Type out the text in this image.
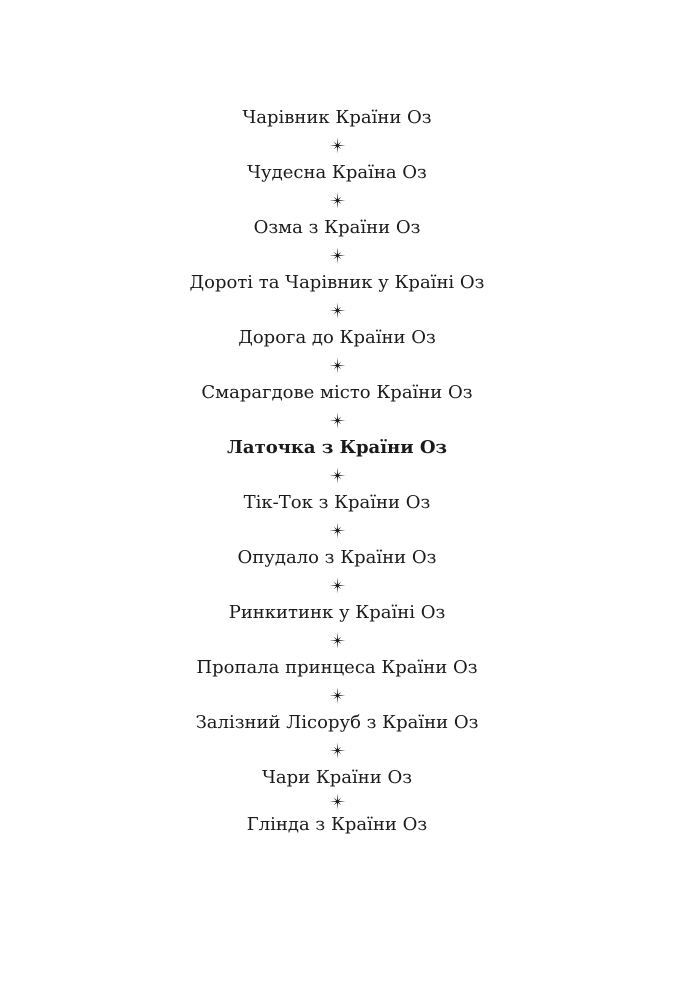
Чарівник Країни Оз
Чудесна Країна Оз
Озма з Країни Оз
Дороті та Чарівник у Країні Оз
Дорога до Країни Оз
Смарагдове місто Країни Оз
Латочка з Країни Оз
Тік-Ток з Країни Оз
Опудало з Країни Оз
Ринкитинк у Країні Оз
Пропала принцеса Країни Оз
Залізний Лісоруб з Країни Оз
Чари Країни Оз
Глінда з Країни Оз
